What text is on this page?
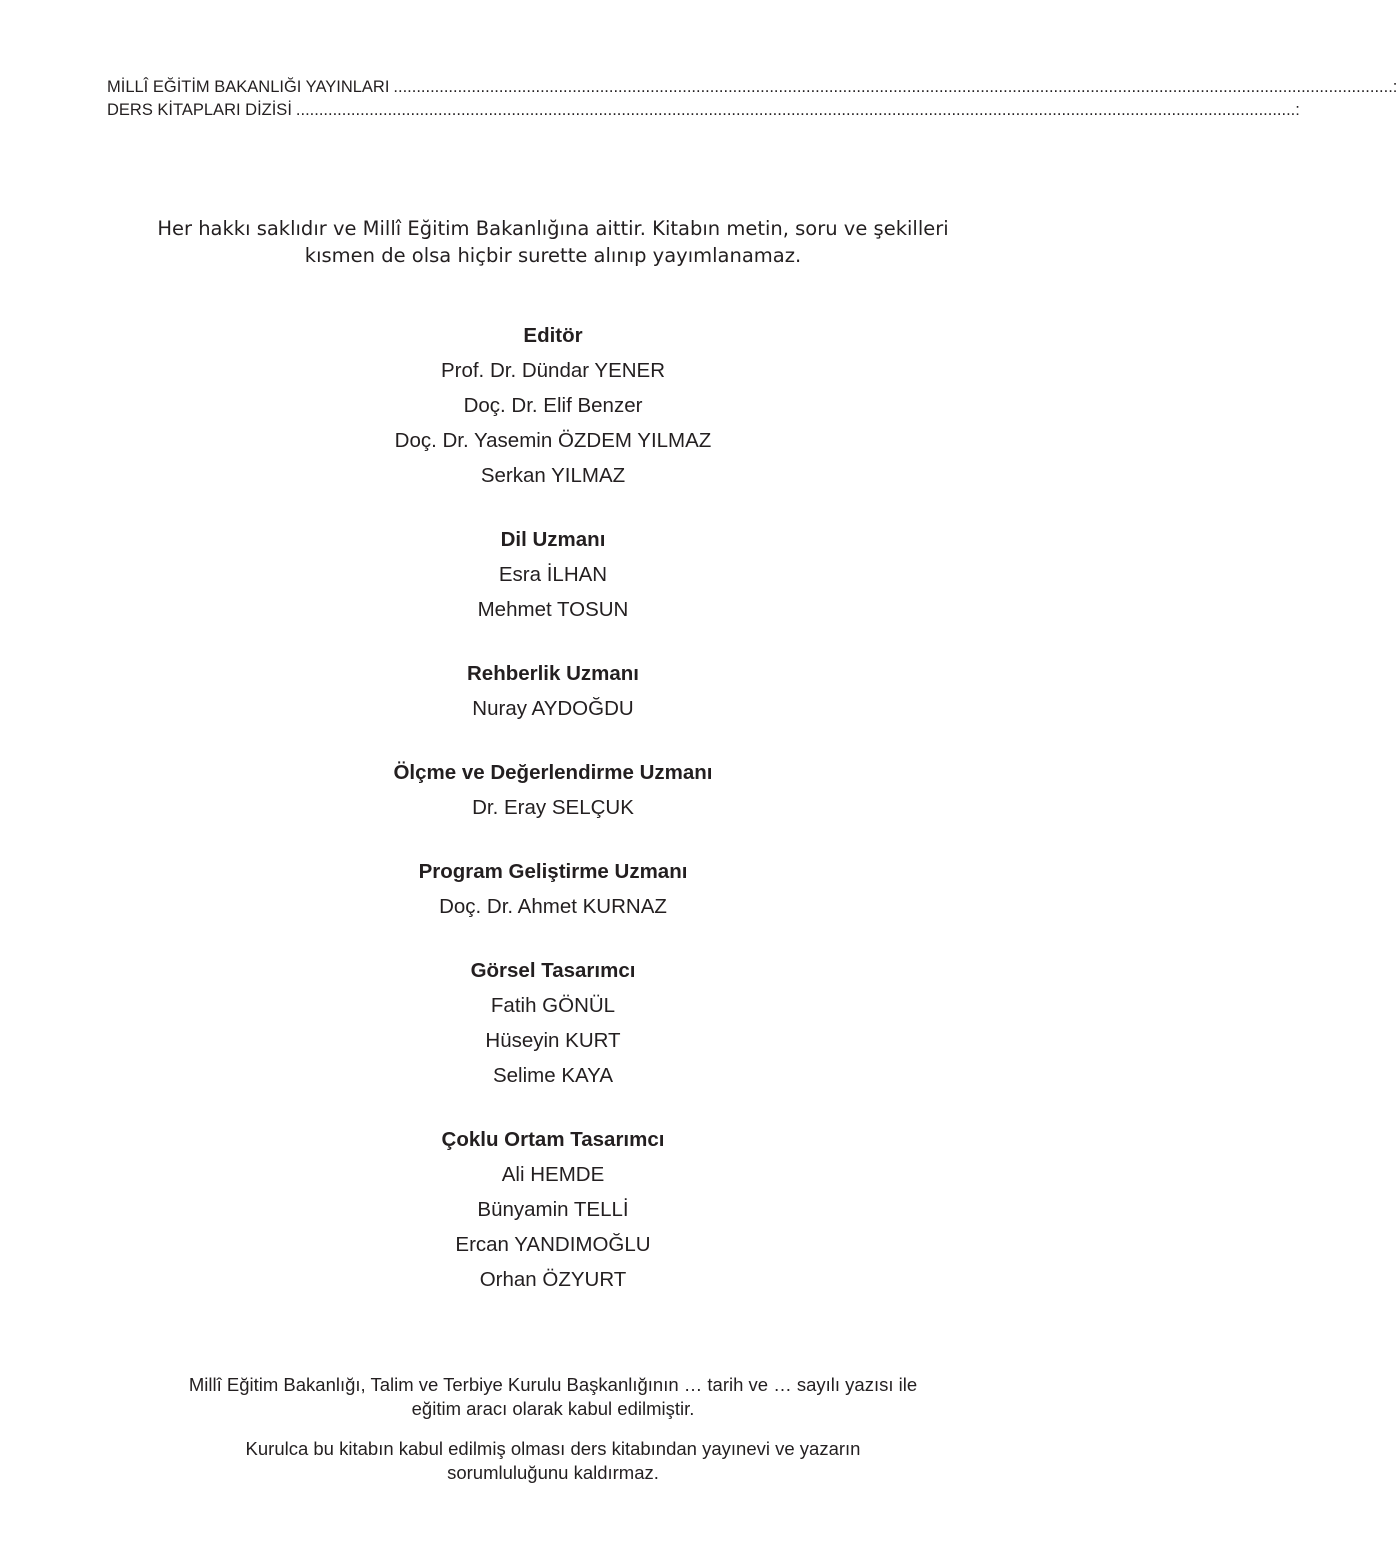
MİLLÎ EĞİTİM BAKANLIĞI YAYINLARI .......................................................................................................................................................................................................................... :
DERS KİTAPLARI DİZİSİ .......................................................................................................................................................................................................................... :

Her hakkı saklıdır ve Millî Eğitim Bakanlığına aittir. Kitabın metin, soru ve şekilleri

kısmen de olsa hiçbir surette alınıp yayımlanamaz.

Editör
Prof. Dr. Dündar YENER
Doç. Dr. Elif Benzer
Doç. Dr. Yasemin ÖZDEM YILMAZ
Serkan YILMAZ
Dil Uzmanı
Esra İLHAN
Mehmet TOSUN
Rehberlik Uzmanı
Nuray AYDOĞDU
Ölçme ve Değerlendirme Uzmanı
Dr. Eray SELÇUK
Program Geliştirme Uzmanı
Doç. Dr. Ahmet KURNAZ
Görsel Tasarımcı
Fatih GÖNÜL
Hüseyin KURT
Selime KAYA
Çoklu Ortam Tasarımcı
Ali HEMDE
Bünyamin TELLİ
Ercan YANDIMOĞLU
Orhan ÖZYURT

Millî Eğitim Bakanlığı, Talim ve Terbiye Kurulu Başkanlığının … tarih ve … sayılı yazısı ile
eğitim aracı olarak kabul edilmiştir.

Kurulca bu kitabın kabul edilmiş olması ders kitabından yayınevi ve yazarın
sorumluluğunu kaldırmaz.
